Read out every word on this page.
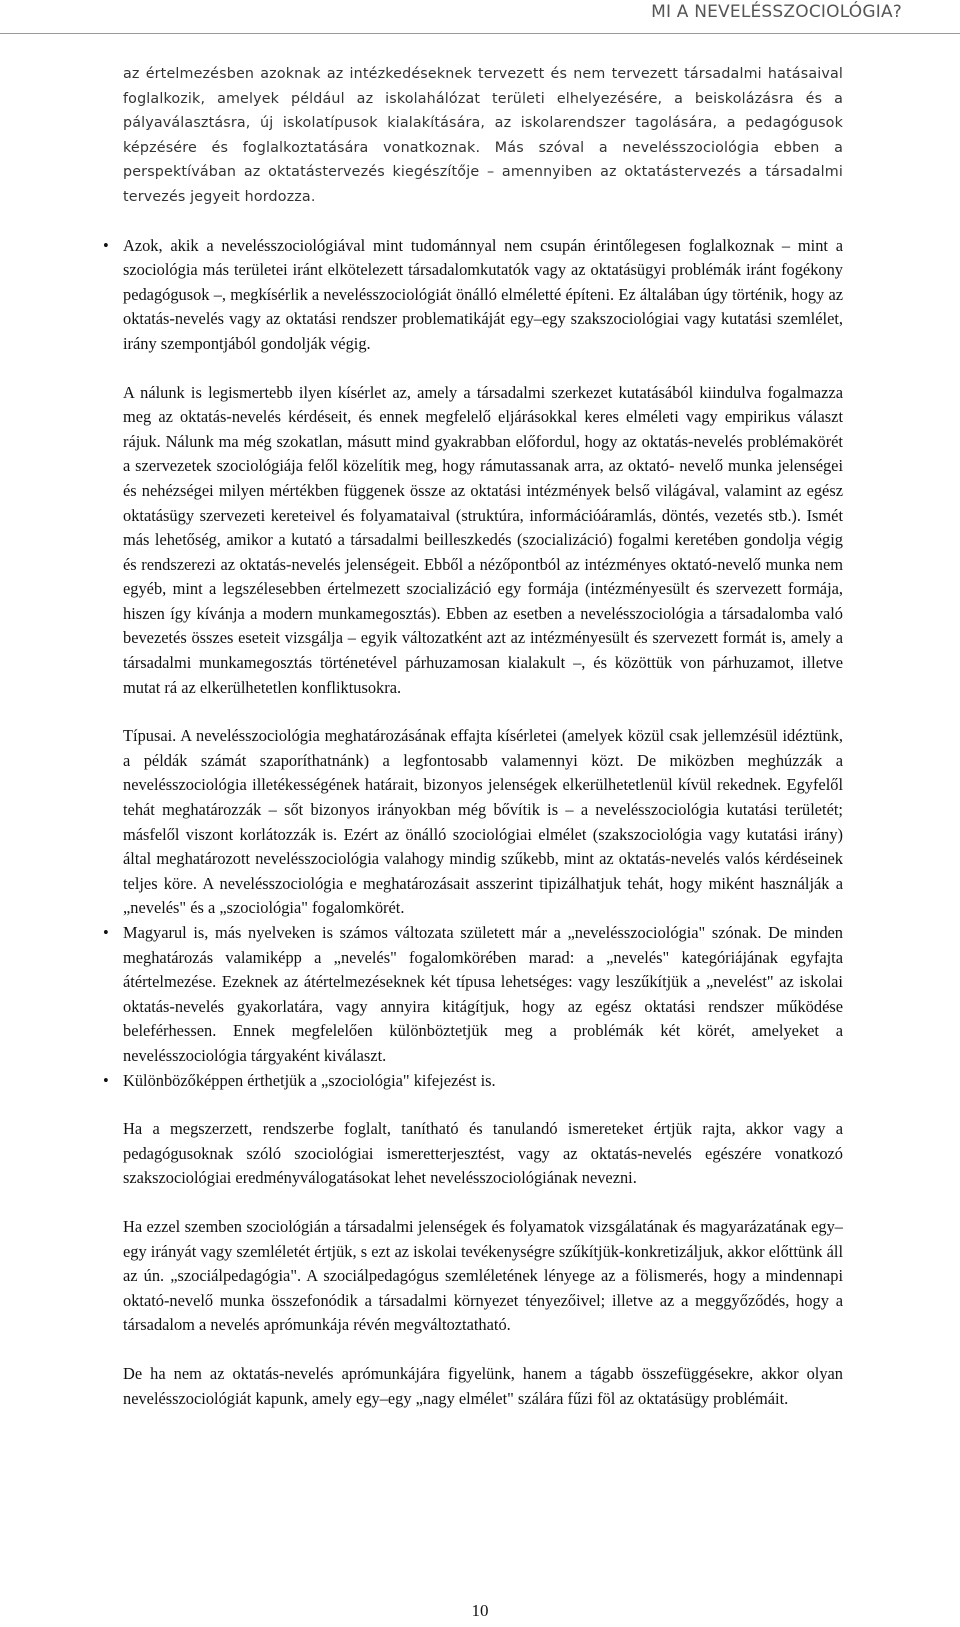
MI A NEVELÉSSZOCIOLÓGIA?

az értelmezésben azoknak az intézkedéseknek tervezett és nem tervezett társadalmi hatásaival foglalkozik, amelyek például az iskolahálózat területi elhelyezésére, a beiskolázásra és a pályaválasztásra, új iskolatípusok kialakítására, az iskolarendszer tagolására, a pedagógusok képzésére és foglalkoztatására vonatkoznak. Más szóval a nevelésszociológia ebben a perspektívában az oktatástervezés kiegészítője – amennyiben az oktatástervezés a társadalmi tervezés jegyeit hordozza.

• Azok, akik a nevelésszociológiával mint tudománnyal nem csupán érintőlegesen foglalkoznak – mint a szociológia más területei iránt elkötelezett társadalomkutatók vagy az oktatásügyi problémák iránt fogékony pedagógusok –, megkísérlik a nevelésszociológiát önálló elméletté építeni. Ez általában úgy történik, hogy az oktatás-nevelés vagy az oktatási rendszer problematikáját egy–egy szakszociológiai vagy kutatási szemlélet, irány szempontjából gondolják végig.

A nálunk is legismertebb ilyen kísérlet az, amely a társadalmi szerkezet kutatásából kiindulva fogalmazza meg az oktatás-nevelés kérdéseit, és ennek megfelelő eljárásokkal keres elméleti vagy empirikus választ rájuk. Nálunk ma még szokatlan, másutt mind gyakrabban előfordul, hogy az oktatás-nevelés problémakörét a szervezetek szociológiája felől közelítik meg, hogy rámutassanak arra, az oktató- nevelő munka jelenségei és nehézségei milyen mértékben függenek össze az oktatási intézmények belső világával, valamint az egész oktatásügy szervezeti kereteivel és folyamataival (struktúra, információáramlás, döntés, vezetés stb.). Ismét más lehetőség, amikor a kutató a társadalmi beilleszkedés (szocializáció) fogalmi keretében gondolja végig és rendszerezi az oktatás-nevelés jelenségeit. Ebből a nézőpontból az intézményes oktató-nevelő munka nem egyéb, mint a legszélesebben értelmezett szocializáció egy formája (intézményesült és szervezett formája, hiszen így kívánja a modern munkamegosztás). Ebben az esetben a nevelésszociológia a társadalomba való bevezetés összes eseteit vizsgálja – egyik változatként azt az intézményesült és szervezett formát is, amely a társadalmi munkamegosztás történetével párhuzamosan kialakult –, és közöttük von párhuzamot, illetve mutat rá az elkerülhetetlen konfliktusokra.

Típusai. A nevelésszociológia meghatározásának effajta kísérletei (amelyek közül csak jellemzésül idéztünk, a példák számát szaporíthatnánk) a legfontosabb valamennyi közt. De miközben meghúzzák a nevelésszociológia illetékességének határait, bizonyos jelenségek elkerülhetetlenül kívül rekednek. Egyfelől tehát meghatározzák – sőt bizonyos irányokban még bővítik is – a nevelésszociológia kutatási területét; másfelől viszont korlátozzák is. Ezért az önálló szociológiai elmélet (szakszociológia vagy kutatási irány) által meghatározott nevelésszociológia valahogy mindig szűkebb, mint az oktatás-nevelés valós kérdéseinek teljes köre. A nevelésszociológia e meghatározásait asszerint tipizálhatjuk tehát, hogy miként használják a „nevelés" és a „szociológia" fogalomkörét.

• Magyarul is, más nyelveken is számos változata született már a „nevelésszociológia" szónak. De minden meghatározás valamiképp a „nevelés" fogalomkörében marad: a „nevelés" kategóriájának egyfajta átértelmezése. Ezeknek az átértelmezéseknek két típusa lehetséges: vagy leszűkítjük a „nevelést" az iskolai oktatás-nevelés gyakorlatára, vagy annyira kitágítjuk, hogy az egész oktatási rendszer működése beleférhessen. Ennek megfelelően különböztetjük meg a problémák két körét, amelyeket a nevelésszociológia tárgyaként kiválaszt.

• Különbözőképpen érthetjük a „szociológia" kifejezést is.

Ha a megszerzett, rendszerbe foglalt, tanítható és tanulandó ismereteket értjük rajta, akkor vagy a pedagógusoknak szóló szociológiai ismeretterjesztést, vagy az oktatás-nevelés egészére vonatkozó szakszociológiai eredményválogatásokat lehet nevelésszociológiának nevezni.

Ha ezzel szemben szociológián a társadalmi jelenségek és folyamatok vizsgálatának és magyarázatának egy–egy irányát vagy szemléletét értjük, s ezt az iskolai tevékenységre szűkítjük-konkretizáljuk, akkor előttünk áll az ún. „szociálpedagógia". A szociálpedagógus szemléletének lényege az a fölismerés, hogy a mindennapi oktató-nevelő munka összefonódik a társadalmi környezet tényezőivel; illetve az a meggyőződés, hogy a társadalom a nevelés aprómunkája révén megváltoztatható.

De ha nem az oktatás-nevelés aprómunkájára figyelünk, hanem a tágabb összefüggésekre, akkor olyan nevelésszociológiát kapunk, amely egy–egy „nagy elmélet" szálára fűzi föl az oktatásügy problémáit.

10
